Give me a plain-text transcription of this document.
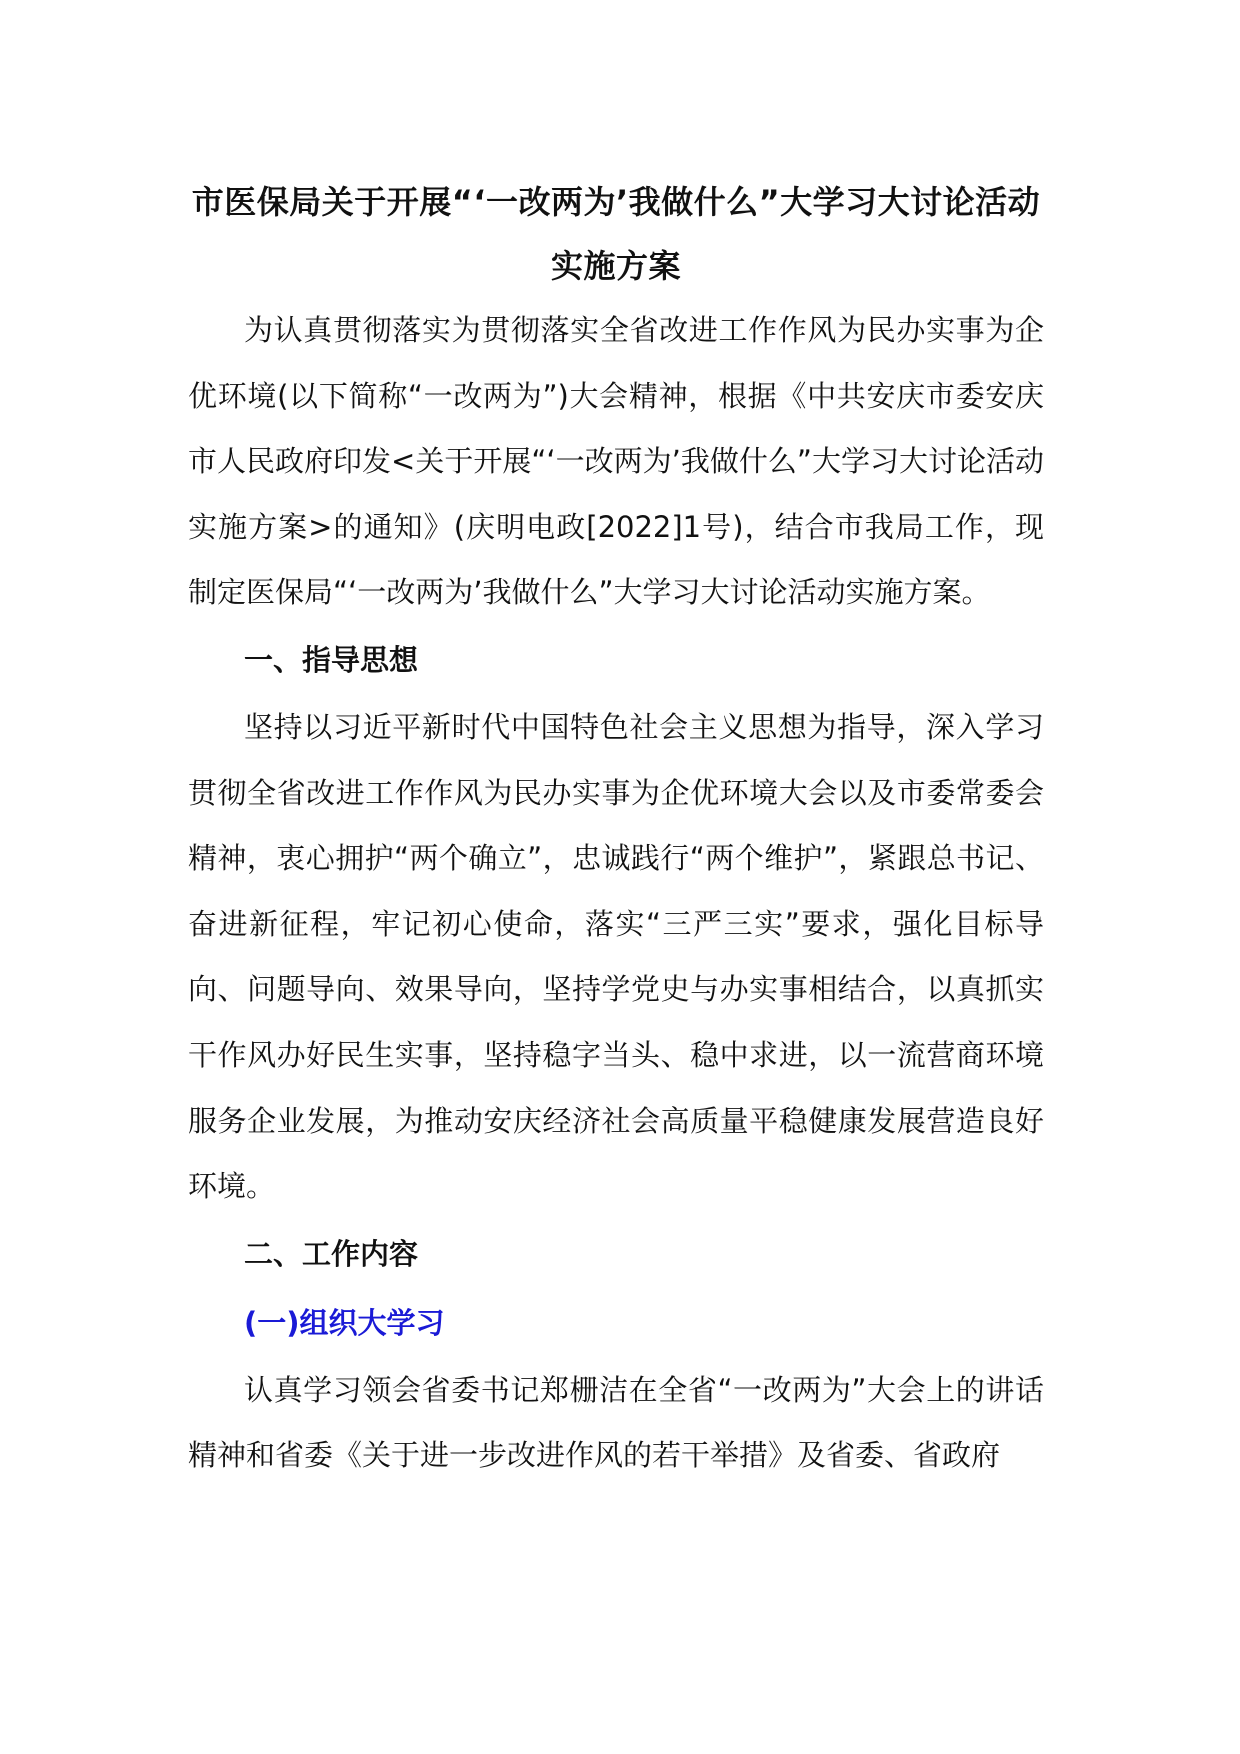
市医保局关于开展“‘一改两为’我做什么”大学习大讨论活动实施方案

为认真贯彻落实为贯彻落实全省改进工作作风为民办实事为企优环境(以下简称“一改两为”)大会精神，根据《中共安庆市委安庆市人民政府印发<关于开展“‘一改两为’我做什么”大学习大讨论活动实施方案>的通知》(庆明电政[2022]1号)，结合市我局工作，现制定医保局“‘一改两为’我做什么”大学习大讨论活动实施方案。

一、指导思想

坚持以习近平新时代中国特色社会主义思想为指导，深入学习贯彻全省改进工作作风为民办实事为企优环境大会以及市委常委会精神，衷心拥护“两个确立”，忠诚践行“两个维护”，紧跟总书记、奋进新征程，牢记初心使命，落实“三严三实”要求，强化目标导向、问题导向、效果导向，坚持学党史与办实事相结合，以真抓实干作风办好民生实事，坚持稳字当头、稳中求进，以一流营商环境服务企业发展，为推动安庆经济社会高质量平稳健康发展营造良好环境。

二、工作内容
(一)组织大学习

认真学习领会省委书记郑栅洁在全省“一改两为”大会上的讲话精神和省委《关于进一步改进作风的若干举措》及省委、省政府
